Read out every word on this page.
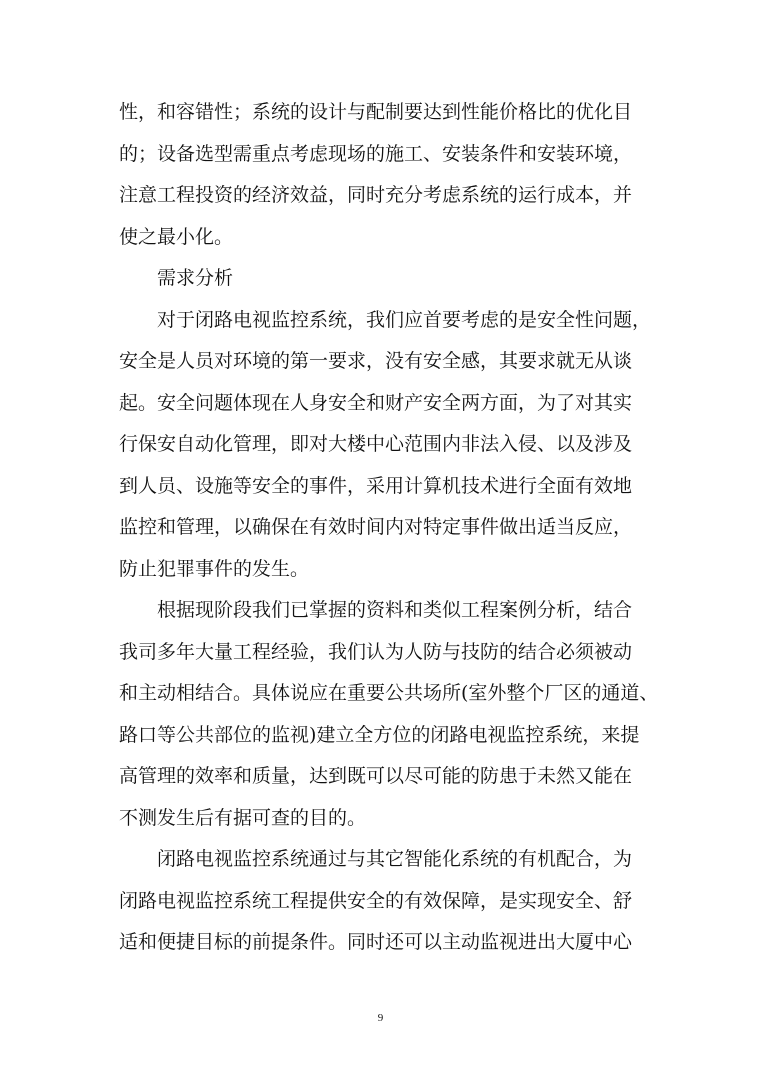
性，和容错性；系统的设计与配制要达到性能价格比的优化目
的；设备选型需重点考虑现场的施工、安装条件和安装环境，
注意工程投资的经济效益，同时充分考虑系统的运行成本，并
使之最小化。
需求分析
对于闭路电视监控系统，我们应首要考虑的是安全性问题，
安全是人员对环境的第一要求，没有安全感，其要求就无从谈
起。安全问题体现在人身安全和财产安全两方面，为了对其实
行保安自动化管理，即对大楼中心范围内非法入侵、以及涉及
到人员、设施等安全的事件，采用计算机技术进行全面有效地
监控和管理，以确保在有效时间内对特定事件做出适当反应，
防止犯罪事件的发生。
根据现阶段我们已掌握的资料和类似工程案例分析，结合
我司多年大量工程经验，我们认为人防与技防的结合必须被动
和主动相结合。具体说应在重要公共场所(室外整个厂区的通道、
路口等公共部位的监视)建立全方位的闭路电视监控系统，来提
高管理的效率和质量，达到既可以尽可能的防患于未然又能在
不测发生后有据可查的目的。
闭路电视监控系统通过与其它智能化系统的有机配合，为
闭路电视监控系统工程提供安全的有效保障，是实现安全、舒
适和便捷目标的前提条件。同时还可以主动监视进出大厦中心
9
